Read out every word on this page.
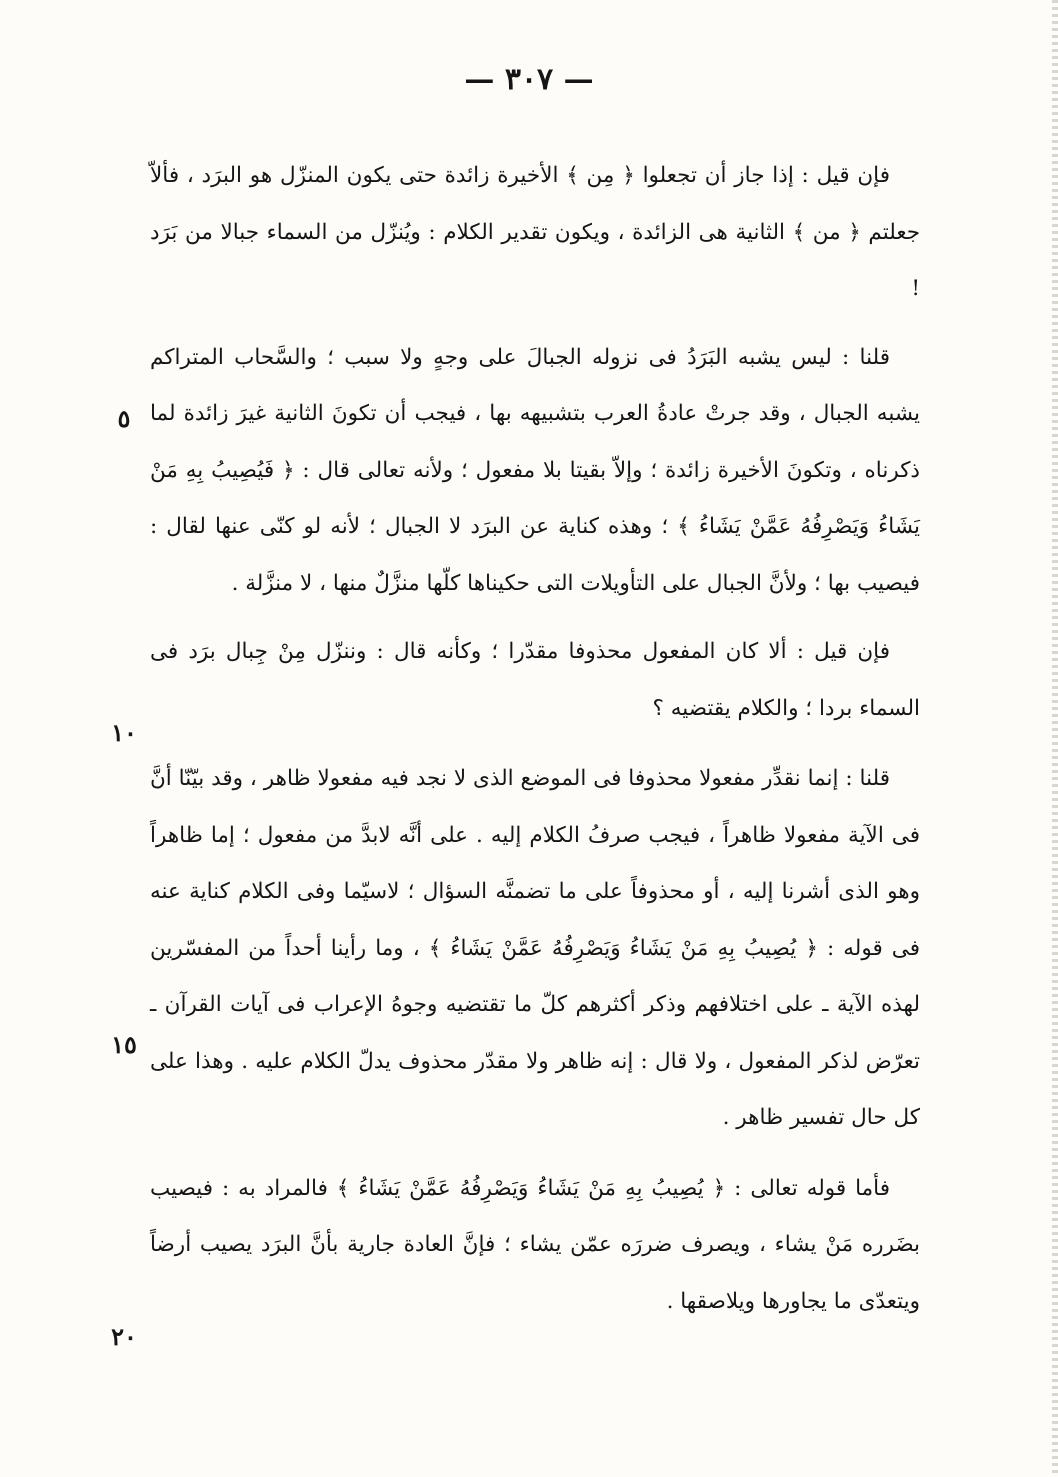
— ٣٠٧ —

فإن قيل : إذا جاز أن تجعلوا ﴿ مِن ﴾ الأخيرة زائدة حتى يكون المنزّل هو البرَد ، فألاّ جعلتم ﴿ من ﴾ الثانية هى الزائدة ، ويكون تقدير الكلام : ويُنزّل من السماء جبالا من بَرَد !

قلنا : ليس يشبه البَرَدُ فى نزوله الجبالَ على وجهٍ ولا سبب ؛ والسَّحاب المتراكم يشبه الجبال ، وقد جرتْ عادةُ العرب بتشبيهه بها ، فيجب أن تكونَ الثانية غيرَ زائدة لما ذكرناه ، وتكونَ الأخيرة زائدة ؛ وإلاّ بقيتا بلا مفعول ؛ ولأنه تعالى قال : ﴿ فَيُصِيبُ بِهِ مَنْ يَشَاءُ وَيَصْرِفُهُ عَمَّنْ يَشَاءُ ﴾ ؛ وهذه كناية عن البرَد لا الجبال ؛ لأنه لو كنّى عنها لقال : فيصيب بها ؛ ولأنَّ الجبال على التأويلات التى حكيناها كلّها منزَّلٌ منها ، لا منزَّلة .

فإن قيل : ألا كان المفعول محذوفا مقدّرا ؛ وكأنه قال : وننزّل مِنْ جِبال برَد فى السماء بردا ؛ والكلام يقتضيه ؟

قلنا : إنما نقدِّر مفعولا محذوفا فى الموضع الذى لا نجد فيه مفعولا ظاهر ، وقد بيّنّا أنَّ فى الآية مفعولا ظاهراً ، فيجب صرفُ الكلام إليه . على أنَّه لابدَّ من مفعول ؛ إما ظاهراً وهو الذى أشرنا إليه ، أو محذوفاً على ما تضمنَّه السؤال ؛ لاسيّما وفى الكلام كناية عنه فى قوله : ﴿ يُصِيبُ بِهِ مَنْ يَشَاءُ وَيَصْرِفُهُ عَمَّنْ يَشَاءُ ﴾ ، وما رأينا أحداً من المفسّرين لهذه الآية ـ على اختلافهم وذكر أكثرهم كلّ ما تقتضيه وجوهُ الإعراب فى آيات القرآن ـ تعرّض لذكر المفعول ، ولا قال : إنه ظاهر ولا مقدّر محذوف يدلّ الكلام عليه . وهذا على كل حال تفسير ظاهر .

فأما قوله تعالى : ﴿ يُصِيبُ بِهِ مَنْ يَشَاءُ وَيَصْرِفُهُ عَمَّنْ يَشَاءُ ﴾ فالمراد به : فيصيب بضَرره مَنْ يشاء ، ويصرف ضررَه عمّن يشاء ؛ فإنَّ العادة جارية بأنَّ البرَد يصيب أرضاً ويتعدّى ما يجاورها ويلاصقها .

٥
١٠
١٥
٢٠
